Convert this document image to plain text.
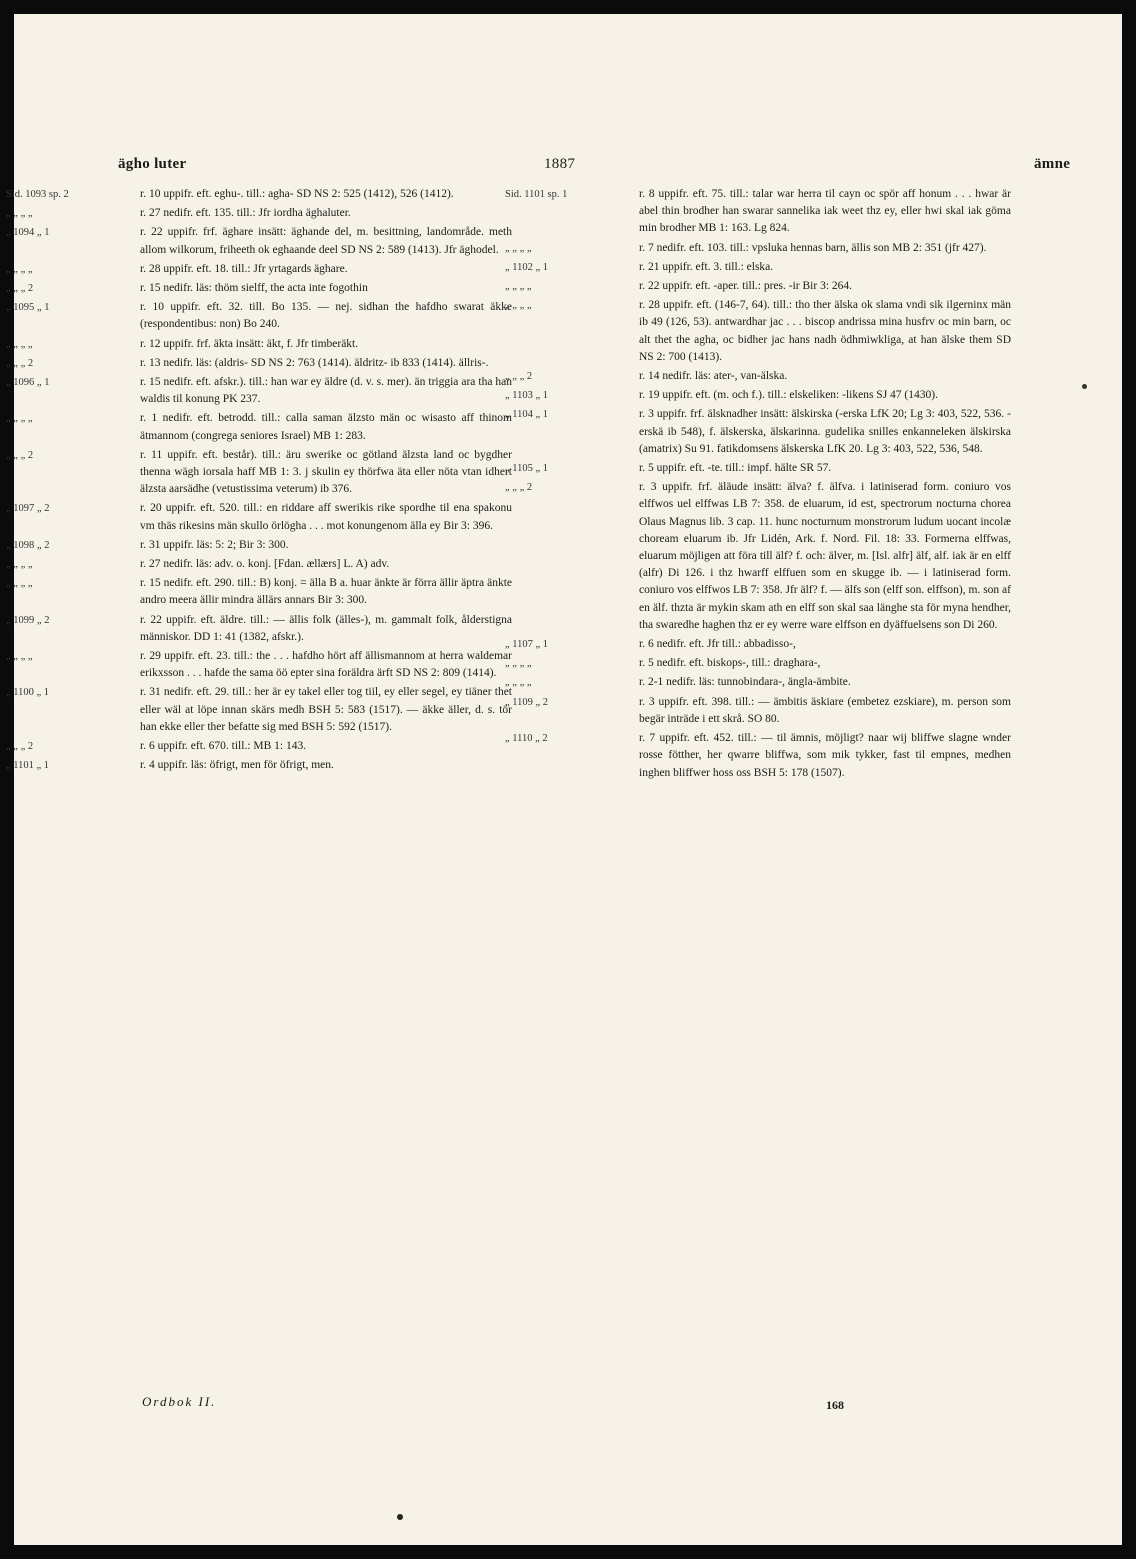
ägho luter	1887	ämne
Sid. 1093 sp. 2	r. 10 uppifr. eft. eghu-. till.: agha- SD NS 2: 525 (1412), 526 (1412).
„ „ „ „	r. 27 nedifr. eft. 135. till.: Jfr iordha äghaluter.
„ 1094 „ 1	r. 22 uppifr. frf. äghare insätt: äghande del, m. besittning, landområde. meth allom wilkorum, friheeth ok eghaande deel SD NS 2: 589 (1413). Jfr äghodel.
„ „ „ „	r. 28 uppifr. eft. 18. till.: Jfr yrtagards äghare.
„ „ „ 2	r. 15 nedifr. läs: thöm sielff, the acta inte fogothin
„ 1095 „ 1	r. 10 uppifr. eft. 32. till. Bo 135. — nej. sidhan the hafdho swarat äkke (respondentibus: non) Bo 240.
„ „ „ „	r. 12 uppifr. frf. äkta insätt: äkt, f. Jfr timberäkt.
„ „ „ 2	r. 13 nedifr. läs: (aldris- SD NS 2: 763 (1414). äldritz- ib 833 (1414). ällris-.
„ 1096 „ 1	r. 15 nedifr. eft. afskr.). till.: han war ey äldre (d. v. s. mer). än triggia ara tha han waldis til konung PK 237.
„ „ „ „	r. 1 nedifr. eft. betrodd. till.: calla saman älzsto män oc wisasto aff thinom ätmannom (congrega seniores Israel) MB 1: 283.
„ „ „ 2	r. 11 uppifr. eft. består). till.: äru swerike oc götland älzsta land oc bygdher thenna wägh iorsala haff MB 1: 3. j skulin ey thörfwa äta eller nöta vtan idhert älzsta aarsädhe (vetustissima veterum) ib 376.
„ 1097 „ 2	r. 20 uppifr. eft. 520. till.: en riddare aff swerikis rike spordhe til ena spakonu vm thäs rikesins män skullo örlögha . . . mot konungenom älla ey Bir 3: 396.
„ 1098 „ 2	r. 31 uppifr. läs: 5: 2; Bir 3: 300.
„ „ „ „	r. 27 nedifr. läs: adv. o. konj. [Fdan. ællærs] L. A) adv.
„ „ „ „	r. 15 nedifr. eft. 290. till.: B) konj. = älla B a. huar änkte är förra ällir äptra änkte andro meera ällir mindra ällärs annars Bir 3: 300.
„ 1099 „ 2	r. 22 uppifr. eft. äldre. till.: — ällis folk (älles-), m. gammalt folk, ålderstigna människor. DD 1: 41 (1382, afskr.).
„ „ „ „	r. 29 uppifr. eft. 23. till.: the . . . hafdho hört aff ällismannom at herra waldemar erikxsson . . . hafde the sama öö epter sina foräldra ärft SD NS 2: 809 (1414).
„ 1100 „ 1	r. 31 nedifr. eft. 29. till.: her är ey takel eller tog tiil, ey eller segel, ey tiäner thet eller wäl at löpe innan skärs medh BSH 5: 583 (1517). — äkke äller, d. s. tör han ekke eller ther befatte sig med BSH 5: 592 (1517).
„ „ „ 2	r. 6 uppifr. eft. 670. till.: MB 1: 143.
„ 1101 „ 1	r. 4 uppifr. läs: öfrigt, men för öfrigt, men.
Sid. 1101 sp. 1	r. 8 uppifr. eft. 75. till.: talar war herra til cayn oc spör aff honum . . . hwar är abel thin brodher han swarar sannelika iak weet thz ey, eller hwi skal iak göma min brodher MB 1: 163. Lg 824.
„ „ „ „	r. 7 nedifr. eft. 103. till.: vpsluka hennas barn, ällis son MB 2: 351 (jfr 427).
„ 1102 „ 1	r. 21 uppifr. eft. 3. till.: elska.
„ „ „ „	r. 22 uppifr. eft. -aper. till.: pres. -ir Bir 3: 264.
„ „ „ „	r. 28 uppifr. eft. (146-7, 64). till.: tho ther älska ok slama vndi sik ilgerninx män ib 49 (126, 53). antwardhar jac . . . biscop andrissa mina husfrv oc min barn, oc alt thet the agha, oc bidher jac hans nadh ödhmiwkliga, at han älske them SD NS 2: 700 (1413).
„ „ „ 2	r. 14 nedifr. läs: ater-, van-älska.
„ 1103 „ 1	r. 19 uppifr. eft. (m. och f.). till.: elskeliken: -likens SJ 47 (1430).
„ 1104 „ 1	r. 3 uppifr. frf. älsknadher insätt: älskirska (-erska LfK 20; Lg 3: 403, 522, 536. -erskä ib 548), f. älskerska, älskarinna. gudelika snilles enkanneleken älskirska (amatrix) Su 91. fatikdomsens älskerska LfK 20. Lg 3: 403, 522, 536, 548.
„ 1105 „ 1	r. 5 uppifr. eft. -te. till.: impf. hälte SR 57.
„ „ „ 2	r. 3 uppifr. frf. äläude insätt: älva? f. älfva. i latiniserad form. coniuro vos elffwos uel elffwas LB 7: 358. de eluarum, id est, spectrorum nocturna chorea Olaus Magnus lib. 3 cap. 11. hunc nocturnum monstrorum ludum uocant incolæ choream eluarum ib. Jfr Lidén, Ark. f. Nord. Fil. 18: 33. Formerna elffwas, eluarum möjligen att föra till älf? f. och: älver, m. [Isl. alfr] älf, alf. iak är en elff (alfr) Di 126. i thz hwarff elffuen som en skugge ib. — i latiniserad form. coniuro vos elffwos LB 7: 358. Jfr älf? f. — älfs son (elff son. elffson), m. son af en älf. thzta är mykin skam ath en elff son skal saa länghe sta för myna hendher, tha swaredhe haghen thz er ey werre ware elffson en dyäffuelsens son Di 260.
„ 1107 „ 1	r. 6 nedifr. eft. Jfr till.: abbadisso-,
„ „ „ „	r. 5 nedifr. eft. biskops-, till.: draghara-,
„ „ „ „	r. 2-1 nedifr. läs: tunnobindara-, ängla-ämbite.
„ 1109 „ 2	r. 3 uppifr. eft. 398. till.: — ämbitis äskiare (embetez ezskiare), m. person som begär inträde i ett skrå. SO 80.
„ 1110 „ 2	r. 7 uppifr. eft. 452. till.: — til ämnis, möjligt? naar wij bliffwe slagne wnder rosse fötther, her qwarre bliffwa, som mik tykker, fast til empnes, medhen inghen bliffwer hoss oss BSH 5: 178 (1507).
Ordbok II.	168
